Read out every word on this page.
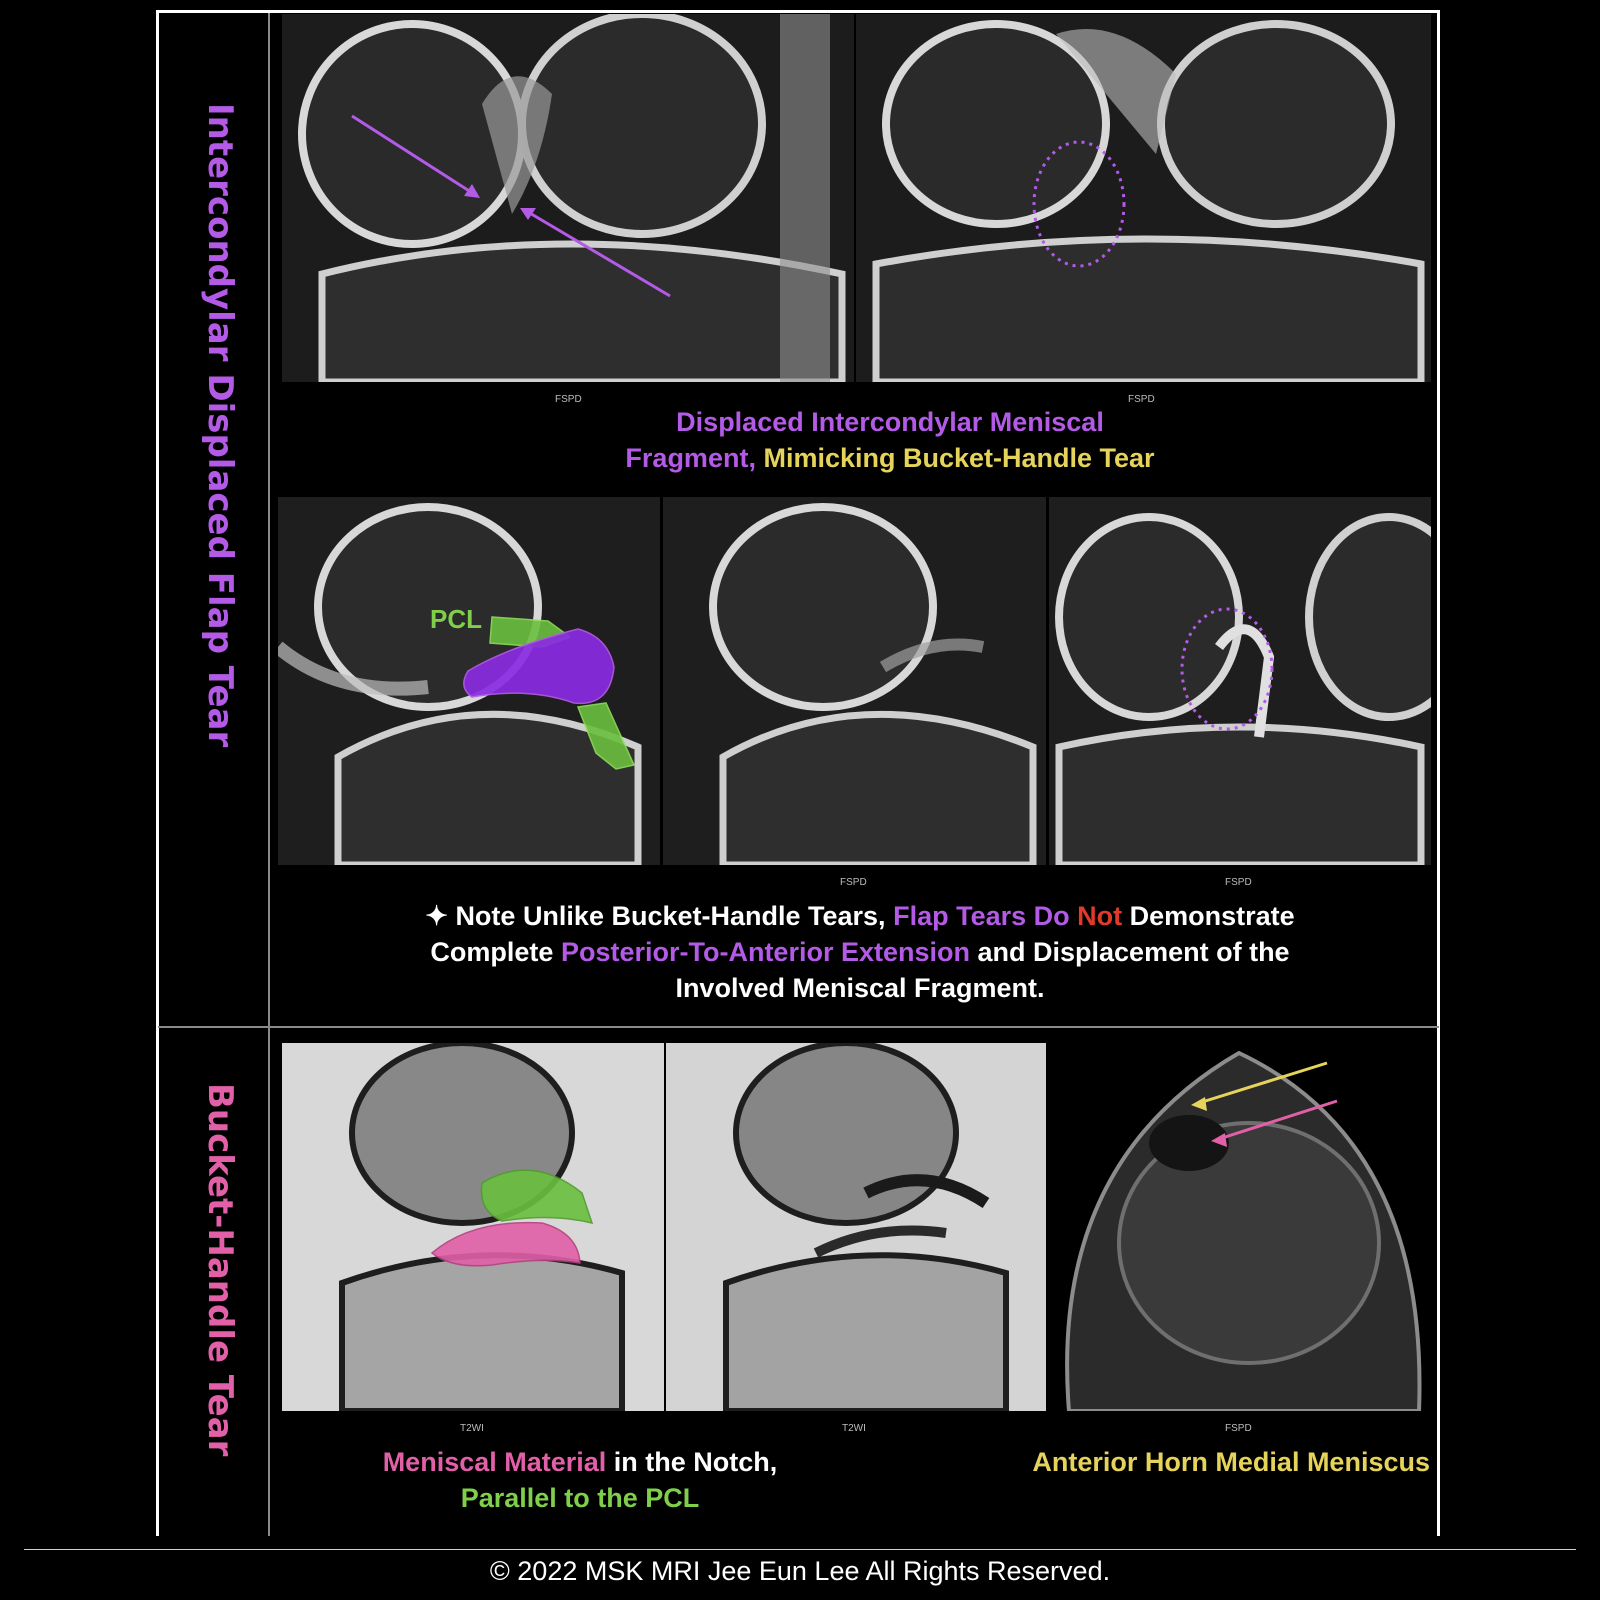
Intercondylar Displaced Flap Tear
Bucket-Handle Tear
FSPD	FSPD
Displaced Intercondylar Meniscal
Fragment, Mimicking Bucket-Handle Tear
PCL
FSPD	FSPD
✦ Note Unlike Bucket-Handle Tears, Flap Tears Do Not Demonstrate
Complete Posterior-To-Anterior Extension and Displacement of the
Involved Meniscal Fragment.
T2WI	T2WI	FSPD
Meniscal Material in the Notch,
Parallel to the PCL
Anterior Horn Medial Meniscus
© 2022 MSK MRI Jee Eun Lee All Rights Reserved.
